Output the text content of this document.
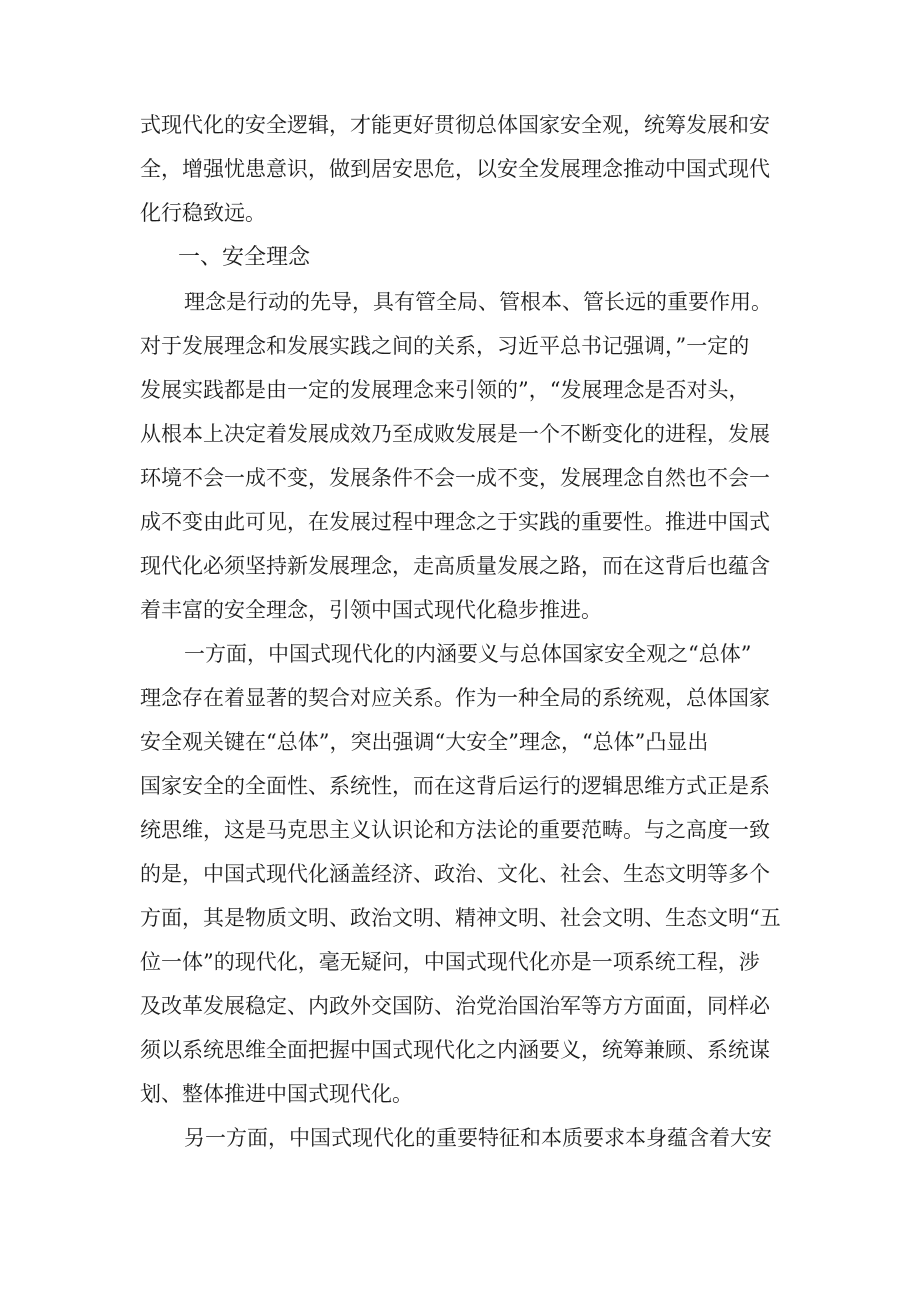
式现代化的安全逻辑，才能更好贯彻总体国家安全观，统筹发展和安
全，增强忧患意识，做到居安思危，以安全发展理念推动中国式现代
化行稳致远。
一、安全理念
理念是行动的先导，具有管全局、管根本、管长远的重要作用。
对于发展理念和发展实践之间的关系，习近平总书记强调，”一定的
发展实践都是由一定的发展理念来引领的”，“发展理念是否对头，
从根本上决定着发展成效乃至成败发展是一个不断变化的进程，发展
环境不会一成不变，发展条件不会一成不变，发展理念自然也不会一
成不变由此可见，在发展过程中理念之于实践的重要性。推进中国式
现代化必须坚持新发展理念，走高质量发展之路，而在这背后也蕴含
着丰富的安全理念，引领中国式现代化稳步推进。
一方面，中国式现代化的内涵要义与总体国家安全观之“总体”
理念存在着显著的契合对应关系。作为一种全局的系统观，总体国家
安全观关键在“总体”，突出强调“大安全”理念，“总体”凸显出
国家安全的全面性、系统性，而在这背后运行的逻辑思维方式正是系
统思维，这是马克思主义认识论和方法论的重要范畴。与之高度一致
的是，中国式现代化涵盖经济、政治、文化、社会、生态文明等多个
方面，其是物质文明、政治文明、精神文明、社会文明、生态文明“五
位一体”的现代化，毫无疑问，中国式现代化亦是一项系统工程，涉
及改革发展稳定、内政外交国防、治党治国治军等方方面面，同样必
须以系统思维全面把握中国式现代化之内涵要义，统筹兼顾、系统谋
划、整体推进中国式现代化。
另一方面，中国式现代化的重要特征和本质要求本身蕴含着大安
